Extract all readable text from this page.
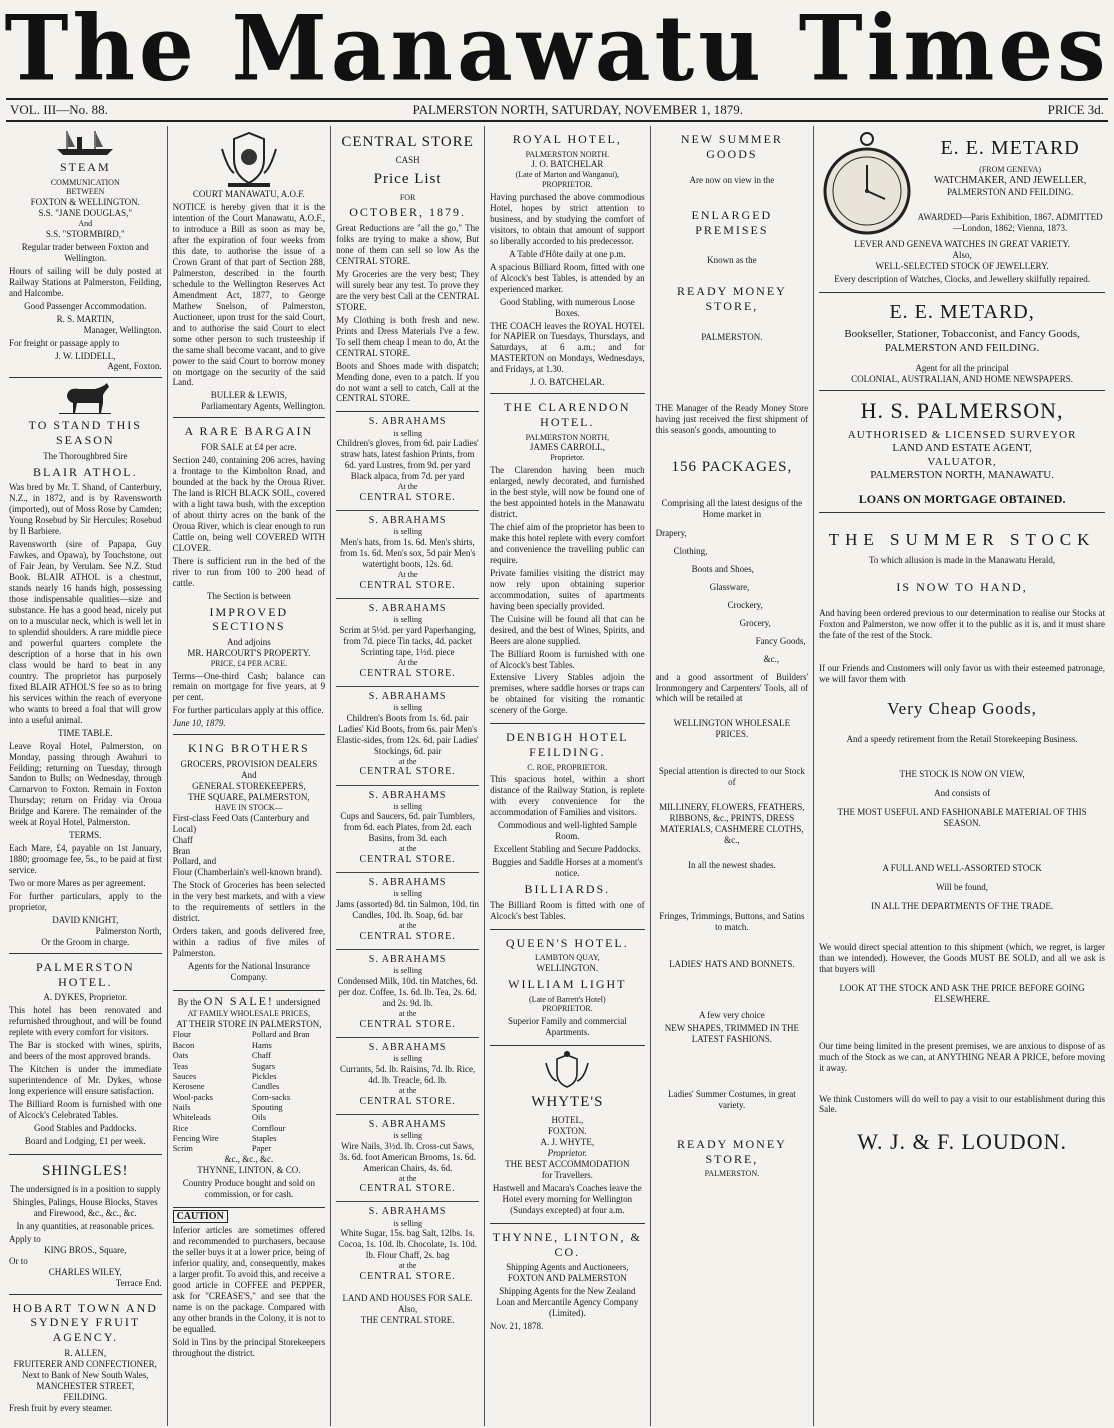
The Manawatu Times
VOL. III—No. 88.	PALMERSTON NORTH, SATURDAY, NOVEMBER 1, 1879.	PRICE 3d.
STEAM
COMMUNICATION
BETWEEN
FOXTON & WELLINGTON.
S.S. "JANE DOUGLAS,"
And
S.S. "STORMBIRD,"

Regular trader between Foxton and Wellington.

Hours of sailing will be duly posted at Railway Stations at Palmerston, Feilding, and Halcombe.

Good Passenger Accommodation.

R. S. MARTIN,
Manager, Wellington.

For freight or passage apply to

J. W. LIDDELL,
Agent, Foxton.
TO STAND THIS SEASON
The Thoroughbred Sire
BLAIR ATHOL.

Was bred by Mr. T. Shand, of Canterbury, N.Z., in 1872, and is by Ravensworth (imported), out of Moss Rose by Camden; Young Rosebud by Sir Hercules; Rosebud by Il Barbiere.

Ravensworth (sire of Papapa, Guy Fawkes, and Opawa), by Touchstone, out of Fair Jean, by Verulam. See N.Z. Stud Book. BLAIR ATHOL is a chestnut, stands nearly 16 hands high, possessing those indispensable qualities—size and substance. He has a good head, nicely put on to a muscular neck, which is well let in to splendid shoulders. A rare middle piece and powerful quarters complete the description of a horse that in his own class would be hard to beat in any country. The proprietor has purposely fixed BLAIR ATHOL'S fee so as to bring his services within the reach of everyone who wants to breed a foal that will grow into a useful animal.

TIME TABLE.

Leave Royal Hotel, Palmerston, on Monday, passing through Awahuri to Feilding; returning on Tuesday, through Sandon to Bulls; on Wednesday, through Carnarvon to Foxton. Remain in Foxton Thursday; return on Friday via Oroua Bridge and Karere. The remainder of the week at Royal Hotel, Palmerston.

TERMS.

Each Mare, £4, payable on 1st January, 1880; groomage fee, 5s., to be paid at first service.

Two or more Mares as per agreement.

For further particulars, apply to the proprietor,

DAVID KNIGHT,
Palmerston North,
Or the Groom in charge.
PALMERSTON HOTEL.
A. DYKES, Proprietor.

This hotel has been renovated and refurnished throughout, and will be found replete with every comfort for visitors.

The Bar is stocked with wines, spirits, and beers of the most approved brands.

The Kitchen is under the immediate superintendence of Mr. Dykes, whose long experience will ensure satisfaction.

The Billiard Room is furnished with one of Alcock's Celebrated Tables.

Good Stables and Paddocks.

Board and Lodging, £1 per week.

SHINGLES!

The undersigned is in a position to supply

Shingles, Palings, House Blocks, Staves and Firewood, &c., &c., &c.

In any quantities, at reasonable prices.

Apply to
KING BROS., Square,
Or to
CHARLES WILEY,
Terrace End.
HOBART TOWN AND SYDNEY FRUIT AGENCY.
R. ALLEN,
FRUITERER AND CONFECTIONER,
Next to Bank of New South Wales,
MANCHESTER STREET,
FEILDING.
Fresh fruit by every steamer.
COURT MANAWATU, A.O.F.

NOTICE is hereby given that it is the intention of the Court Manawatu, A.O.F., to introduce a Bill as soon as may be, after the expiration of four weeks from this date, to authorise the issue of a Crown Grant of that part of Section 288, Palmerston, described in the fourth schedule to the Wellington Reserves Act Amendment Act, 1877, to George Mathew Snelson, of Palmerston, Auctioneer, upon trust for the said Court, and to authorise the said Court to elect some other person to such trusteeship if the same shall become vacant, and to give power to the said Court to borrow money on mortgage on the security of the said Land.

BULLER & LEWIS,
Parliamentary Agents, Wellington.
A RARE BARGAIN
FOR SALE at £4 per acre.

Section 240, containing 206 acres, having a frontage to the Kimbolton Road, and bounded at the back by the Oroua River. The land is RICH BLACK SOIL, covered with a light tawa bush, with the exception of about thirty acres on the bank of the Oroua River, which is clear enough to run Cattle on, being well COVERED WITH CLOVER.

There is sufficient run in the bed of the river to run from 100 to 200 head of cattle.

The Section is between
IMPROVED SECTIONS
And adjoins
MR. HARCOURT'S PROPERTY.
PRICE, £4 PER ACRE.

Terms—One-third Cash; balance can remain on mortgage for five years, at 9 per cent.

For further particulars apply at this office.

June 10, 1879.
KING BROTHERS
GROCERS, PROVISION DEALERS
And
GENERAL STOREKEEPERS,
THE SQUARE, PALMERSTON,
HAVE IN STOCK—
First-class Feed Oats (Canterbury and Local)
Chaff
Bran
Pollard, and
Flour (Chamberlain's well-known brand).

The Stock of Groceries has been selected in the very best markets, and with a view to the requirements of settlers in the district.

Orders taken, and goods delivered free, within a radius of five miles of Palmerston.

Agents for the National Insurance Company.

By the ON SALE! undersigned
AT FAMILY WHOLESALE PRICES,
AT THEIR STORE IN PALMERSTON,
Flour
Bacon
Oats
Teas
Sauces
Kerosene
Wool-packs
Nails
Whiteleads
Rice
Fencing Wire
Scrim
Pollard and Bran
Hams
Chaff
Sugars
Pickles
Candles
Corn-sacks
Spouting
Oils
Cornflour
Staples
Paper
&c., &c., &c.
THYNNE, LINTON, & CO.

Country Produce bought and sold on commission, or for cash.

CAUTION

Inferior articles are sometimes offered and recommended to purchasers, because the seller buys it at a lower price, being of inferior quality, and, consequently, makes a larger profit. To avoid this, and receive a good article in COFFEE and PEPPER, ask for "CREASE'S," and see that the name is on the package. Compared with any other brands in the Colony, it is not to be equalled.

Sold in Tins by the principal Storekeepers throughout the district.

CENTRAL STORE
CASH
Price List
FOR
OCTOBER, 1879.

Great Reductions are "all the go," The folks are trying to make a show, But none of them can sell so low As the CENTRAL STORE.

My Groceries are the very best; They will surely bear any test. To prove they are the very best Call at the CENTRAL STORE.

My Clothing is both fresh and new. Prints and Dress Materials I've a few. To sell them cheap I mean to do, At the CENTRAL STORE.

Boots and Shoes made with dispatch; Mending done, even to a patch. If you do not want a sell to catch, Call at the CENTRAL STORE.

S. ABRAHAMS
is selling
Children's gloves, from 6d. pair Ladies' straw hats, latest fashion Prints, from 6d. yard Lustres, from 9d. per yard Black alpaca, from 7d. per yard
At the
CENTRAL STORE.
S. ABRAHAMS
is selling
Men's hats, from 1s. 6d. Men's shirts, from 1s. 6d. Men's sox, 5d pair Men's watertight boots, 12s. 6d.
At the
CENTRAL STORE.
S. ABRAHAMS
is selling
Scrim at 5½d. per yard Paperhanging, from 7d. piece Tin tacks, 4d. packet Scrinting tape, 1½d. piece
At the
CENTRAL STORE.
S. ABRAHAMS
is selling
Children's Boots from 1s. 6d. pair Ladies' Kid Boots, from 6s. pair Men's Elastic-sides, from 12s. 6d. pair Ladies' Stockings, 6d. pair
at the
CENTRAL STORE.
S. ABRAHAMS
is selling
Cups and Saucers, 6d. pair Tumblers, from 6d. each Plates, from 2d. each Basins, from 3d. each
at the
CENTRAL STORE.
S. ABRAHAMS
is selling
Jams (assorted) 8d. tin Salmon, 10d. tin Candles, 10d. lb. Soap, 6d. bar
at the
CENTRAL STORE.
S. ABRAHAMS
is selling
Condensed Milk, 10d. tin Matches, 6d. per doz. Coffee, 1s. 6d. lb. Tea, 2s. 6d. and 2s. 9d. lb.
at the
CENTRAL STORE.
S. ABRAHAMS
is selling
Currants, 5d. lb. Raisins, 7d. lb. Rice, 4d. lb. Treacle, 6d. lb.
at the
CENTRAL STORE.
S. ABRAHAMS
is selling
Wire Nails, 3½d. lb. Cross-cut Saws, 3s. 6d. foot American Brooms, 1s. 6d. American Chairs, 4s. 6d.
at the
CENTRAL STORE.
S. ABRAHAMS
is selling
White Sugar, 15s. bag Salt, 12lbs. 1s. Cocoa, 1s. 10d. lb. Chocolate, 1s. 10d. lb. Flour Chaff, 2s. bag
at the
CENTRAL STORE.
LAND AND HOUSES FOR SALE.
Also,
THE CENTRAL STORE.
ROYAL HOTEL,
PALMERSTON NORTH.
J. O. BATCHELAR
(Late of Marton and Wanganui),
PROPRIETOR.

Having purchased the above commodious Hotel, hopes by strict attention to business, and by studying the comfort of visitors, to obtain that amount of support so liberally accorded to his predecessor.

A Table d'Hôte daily at one p.m.

A spacious Billiard Room, fitted with one of Alcock's best Tables, is attended by an experienced marker.

Good Stabling, with numerous Loose Boxes.

THE COACH leaves the ROYAL HOTEL for NAPIER on Tuesdays, Thursdays, and Saturdays, at 6 a.m.; and for MASTERTON on Mondays, Wednesdays, and Fridays, at 1.30.

J. O. BATCHELAR.
THE CLARENDON HOTEL.
PALMERSTON NORTH,
JAMES CARROLL,
Proprietor.

The Clarendon having been much enlarged, newly decorated, and furnished in the best style, will now be found one of the best appointed hotels in the Manawatu district.

The chief aim of the proprietor has been to make this hotel replete with every comfort and convenience the travelling public can require.

Private families visiting the district may now rely upon obtaining superior accommodation, suites of apartments having been specially provided.

The Cuisine will be found all that can be desired, and the best of Wines, Spirits, and Beers are alone supplied.

The Billiard Room is furnished with one of Alcock's best Tables.

Extensive Livery Stables adjoin the premises, where saddle horses or traps can be obtained for visiting the romantic scenery of the Gorge.

DENBIGH HOTEL FEILDING.
C. ROE, PROPRIETOR.

This spacious hotel, within a short distance of the Railway Station, is replete with every convenience for the accommodation of Families and visitors.

Commodious and well-lighted Sample Room.

Excellent Stabling and Secure Paddocks.

Buggies and Saddle Horses at a moment's notice.

BILLIARDS.

The Billiard Room is fitted with one of Alcock's best Tables.

QUEEN'S HOTEL.
LAMBTON QUAY,
WELLINGTON.
WILLIAM LIGHT
(Late of Barrett's Hotel)
PROPRIETOR.

Superior Family and commercial Apartments.

WHYTE'S
HOTEL,
FOXTON.
A. J. WHYTE,
Proprietor.
THE BEST ACCOMMODATION
for Travellers.

Hastwell and Macara's Coaches leave the Hotel every morning for Wellington (Sundays excepted) at four a.m.

THYNNE, LINTON, & CO.
Shipping Agents and Auctioneers,
FOXTON AND PALMERSTON

Shipping Agents for the New Zealand Loan and Mercantile Agency Company (Limited).

Nov. 21, 1878.
NEW SUMMER GOODS

Are now on view in the

ENLARGED PREMISES
Known as the
READY MONEY STORE,
PALMERSTON.

THE Manager of the Ready Money Store having just received the first shipment of this season's goods, amounting to

156 PACKAGES,

Comprising all the latest designs of the Home market in

Drapery,
Clothing,
Boots and Shoes,
Glassware,
Crockery,
Grocery,
Fancy Goods,
&c.,

and a good assortment of Builders' Ironmongery and Carpenters' Tools, all of which will be retailed at

WELLINGTON WHOLESALE
PRICES.

Special attention is directed to our Stock of

MILLINERY, FLOWERS, FEATHERS, RIBBONS, &c., PRINTS, DRESS MATERIALS, CASHMERE CLOTHS, &c.,

In all the newest shades.

Fringes, Trimmings, Buttons, and Satins to match.

LADIES' HATS AND BONNETS.
A few very choice

NEW SHAPES, TRIMMED IN THE LATEST FASHIONS.

Ladies' Summer Costumes, in great variety.

READY MONEY STORE,
PALMERSTON.
E. E. METARD
(FROM GENEVA)
WATCHMAKER, AND JEWELLER,
PALMERSTON AND FEILDING.

AWARDED—Paris Exhibition, 1867. ADMITTED—London, 1862; Vienna, 1873.

LEVER AND GENEVA WATCHES IN GREAT VARIETY.
Also,
WELL-SELECTED STOCK OF JEWELLERY.

Every description of Watches, Clocks, and Jewellery skilfully repaired.

E. E. METARD,
Bookseller, Stationer, Tobacconist, and Fancy Goods,
PALMERSTON AND FEILDING.
Agent for all the principal
COLONIAL, AUSTRALIAN, AND HOME NEWSPAPERS.
H. S. PALMERSON,
AUTHORISED & LICENSED SURVEYOR
LAND AND ESTATE AGENT,
VALUATOR,
PALMERSTON NORTH, MANAWATU.
LOANS ON MORTGAGE OBTAINED.
THE SUMMER STOCK

To which allusion is made in the Manawatu Herald,

IS NOW TO HAND,

And having been ordered previous to our determination to realise our Stocks at Foxton and Palmerston, we now offer it to the public as it is, and it must share the fate of the rest of the Stock.

If our Friends and Customers will only favor us with their esteemed patronage, we will favor them with

Very Cheap Goods,

And a speedy retirement from the Retail Storekeeping Business.

THE STOCK IS NOW ON VIEW,
And consists of
THE MOST USEFUL AND FASHIONABLE MATERIAL OF THIS SEASON.
A FULL AND WELL-ASSORTED STOCK
Will be found,
IN ALL THE DEPARTMENTS OF THE TRADE.

We would direct special attention to this shipment (which, we regret, is larger than we intended). However, the Goods MUST BE SOLD, and all we ask is that buyers will

LOOK AT THE STOCK AND ASK THE PRICE BEFORE GOING ELSEWHERE.

Our time being limited in the present premises, we are anxious to dispose of as much of the Stock as we can, at ANYTHING NEAR A PRICE, before moving it away.

We think Customers will do well to pay a visit to our establishment during this Sale.

W. J. & F. LOUDON.
